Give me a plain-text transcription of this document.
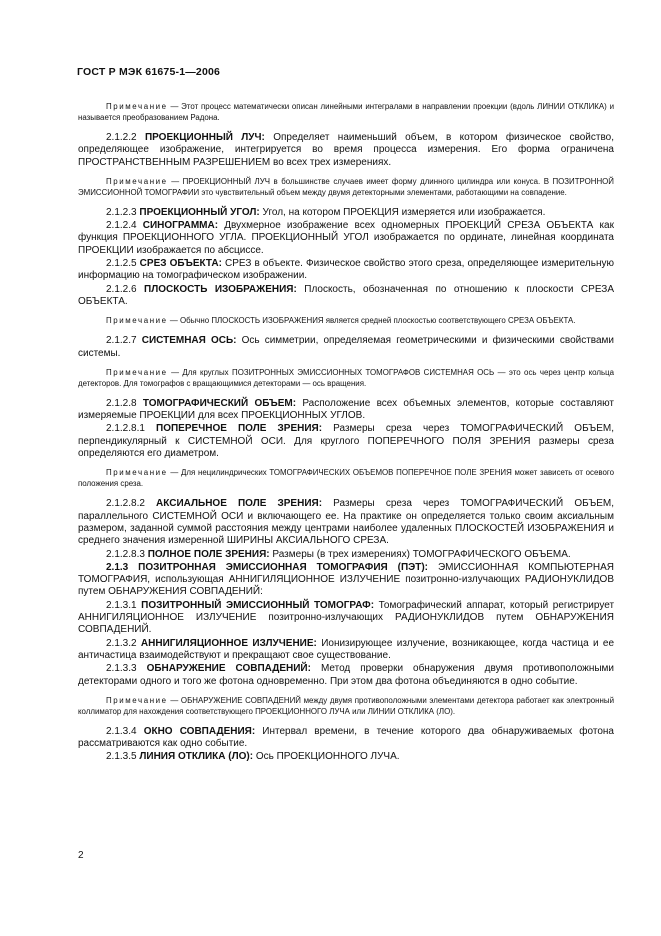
ГОСТ Р МЭК 61675-1—2006

Примечание — Этот процесс математически описан линейными интегралами в направлении проекции (вдоль ЛИНИИ ОТКЛИКА) и называется преобразованием Радона.

2.1.2.2 ПРОЕКЦИОННЫЙ ЛУЧ: Определяет наименьший объем, в котором физическое свойство, определяющее изображение, интегрируется во время процесса измерения. Его форма ограничена ПРОСТРАНСТВЕННЫМ РАЗРЕШЕНИЕМ во всех трех измерениях.

Примечание — ПРОЕКЦИОННЫЙ ЛУЧ в большинстве случаев имеет форму длинного цилиндра или конуса. В ПОЗИТРОННОЙ ЭМИССИОННОЙ ТОМОГРАФИИ это чувствительный объем между двумя детекторными элементами, работающими на совпадение.

2.1.2.3 ПРОЕКЦИОННЫЙ УГОЛ: Угол, на котором ПРОЕКЦИЯ измеряется или изображается.

2.1.2.4 СИНОГРАММА: Двухмерное изображение всех одномерных ПРОЕКЦИЙ СРЕЗА ОБЪЕКТА как функция ПРОЕКЦИОННОГО УГЛА. ПРОЕКЦИОННЫЙ УГОЛ изображается по ординате, линейная координата ПРОЕКЦИИ изображается по абсциссе.

2.1.2.5 СРЕЗ ОБЪЕКТА: СРЕЗ в объекте. Физическое свойство этого среза, определяющее измерительную информацию на томографическом изображении.

2.1.2.6 ПЛОСКОСТЬ ИЗОБРАЖЕНИЯ: Плоскость, обозначенная по отношению к плоскости СРЕЗА ОБЪЕКТА.

Примечание — Обычно ПЛОСКОСТЬ ИЗОБРАЖЕНИЯ является средней плоскостью соответствующего СРЕЗА ОБЪЕКТА.

2.1.2.7 СИСТЕМНАЯ ОСЬ: Ось симметрии, определяемая геометрическими и физическими свойствами системы.

Примечание — Для круглых ПОЗИТРОННЫХ ЭМИССИОННЫХ ТОМОГРАФОВ СИСТЕМНАЯ ОСЬ — это ось через центр кольца детекторов. Для томографов с вращающимися детекторами — ось вращения.

2.1.2.8 ТОМОГРАФИЧЕСКИЙ ОБЪЕМ: Расположение всех объемных элементов, которые составляют измеряемые ПРОЕКЦИИ для всех ПРОЕКЦИОННЫХ УГЛОВ.

2.1.2.8.1 ПОПЕРЕЧНОЕ ПОЛЕ ЗРЕНИЯ: Размеры среза через ТОМОГРАФИЧЕСКИЙ ОБЪЕМ, перпендикулярный к СИСТЕМНОЙ ОСИ. Для круглого ПОПЕРЕЧНОГО ПОЛЯ ЗРЕНИЯ размеры среза определяются его диаметром.

Примечание — Для нецилиндрических ТОМОГРАФИЧЕСКИХ ОБЪЕМОВ ПОПЕРЕЧНОЕ ПОЛЕ ЗРЕНИЯ может зависеть от осевого положения среза.

2.1.2.8.2 АКСИАЛЬНОЕ ПОЛЕ ЗРЕНИЯ: Размеры среза через ТОМОГРАФИЧЕСКИЙ ОБЪЕМ, параллельного СИСТЕМНОЙ ОСИ и включающего ее. На практике он определяется только своим аксиальным размером, заданной суммой расстояния между центрами наиболее удаленных ПЛОСКОСТЕЙ ИЗОБРАЖЕНИЯ и среднего значения измеренной ШИРИНЫ АКСИАЛЬНОГО СРЕЗА.

2.1.2.8.3 ПОЛНОЕ ПОЛЕ ЗРЕНИЯ: Размеры (в трех измерениях) ТОМОГРАФИЧЕСКОГО ОБЪЕМА.

2.1.3 ПОЗИТРОННАЯ ЭМИССИОННАЯ ТОМОГРАФИЯ (ПЭТ): ЭМИССИОННАЯ КОМПЬЮТЕРНАЯ ТОМОГРАФИЯ, использующая АННИГИЛЯЦИОННОЕ ИЗЛУЧЕНИЕ позитронно-излучающих РАДИОНУКЛИДОВ путем ОБНАРУЖЕНИЯ СОВПАДЕНИЙ:

2.1.3.1 ПОЗИТРОННЫЙ ЭМИССИОННЫЙ ТОМОГРАФ: Томографический аппарат, который регистрирует АННИГИЛЯЦИОННОЕ ИЗЛУЧЕНИЕ позитронно-излучающих РАДИОНУКЛИДОВ путем ОБНАРУЖЕНИЯ СОВПАДЕНИЙ.

2.1.3.2 АННИГИЛЯЦИОННОЕ ИЗЛУЧЕНИЕ: Ионизирующее излучение, возникающее, когда частица и ее античастица взаимодействуют и прекращают свое существование.

2.1.3.3 ОБНАРУЖЕНИЕ СОВПАДЕНИЙ: Метод проверки обнаружения двумя противоположными детекторами одного и того же фотона одновременно. При этом два фотона объединяются в одно событие.

Примечание — ОБНАРУЖЕНИЕ СОВПАДЕНИЙ между двумя противоположными элементами детектора работает как электронный коллиматор для нахождения соответствующего ПРОЕКЦИОННОГО ЛУЧА или ЛИНИИ ОТКЛИКА (ЛО).

2.1.3.4 ОКНО СОВПАДЕНИЯ: Интервал времени, в течение которого два обнаруживаемых фотона рассматриваются как одно событие.

2.1.3.5 ЛИНИЯ ОТКЛИКА (ЛО): Ось ПРОЕКЦИОННОГО ЛУЧА.

2
